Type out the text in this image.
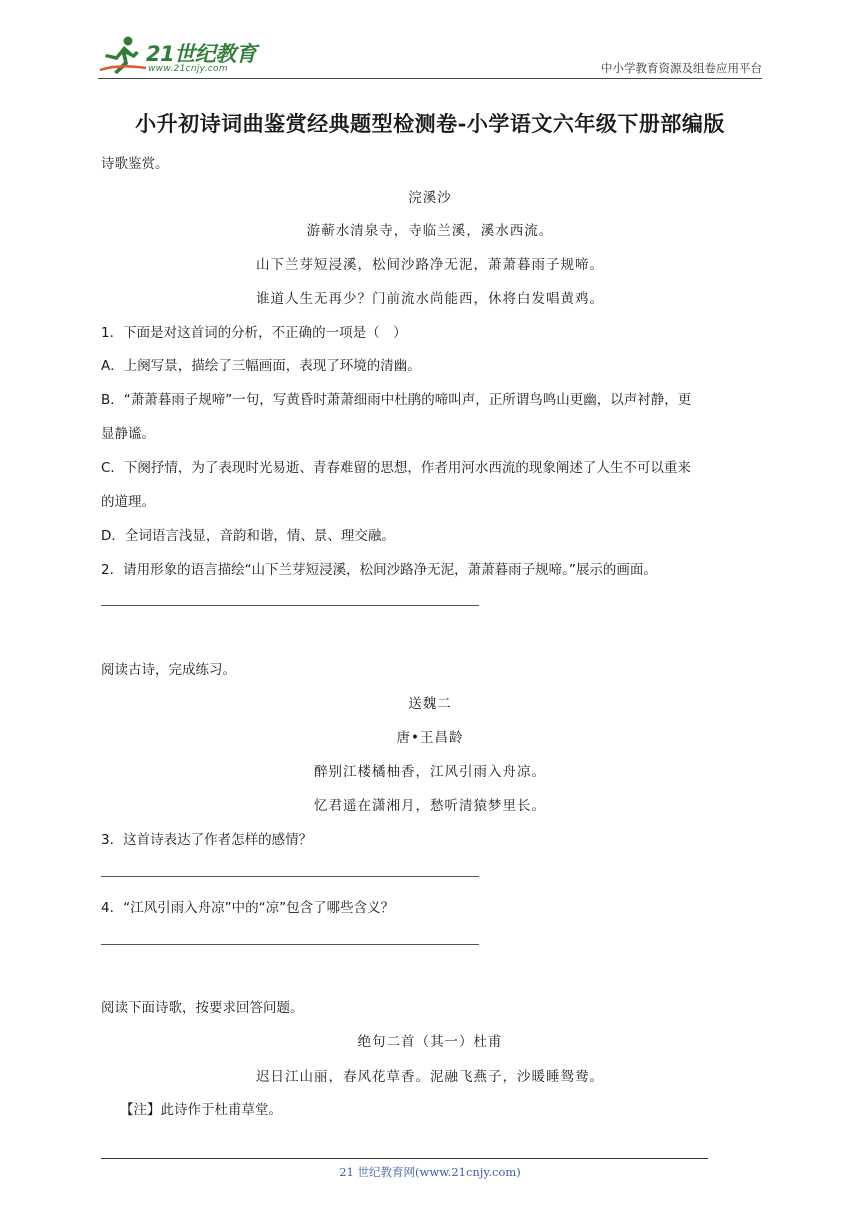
21世纪教育
www.21cnjy.com	中小学教育资源及组卷应用平台
小升初诗词曲鉴赏经典题型检测卷-小学语文六年级下册部编版
诗歌鉴赏。
浣溪沙
游蕲水清泉寺，寺临兰溪，溪水西流。
山下兰芽短浸溪，松间沙路净无泥，萧萧暮雨子规啼。
谁道人生无再少？门前流水尚能西，休将白发唱黄鸡。
1．下面是对这首词的分析，不正确的一项是（　）
A．上阕写景，描绘了三幅画面，表现了环境的清幽。
B．“萧萧暮雨子规啼”一句，写黄昏时萧萧细雨中杜鹃的啼叫声，正所谓鸟鸣山更幽，以声衬静，更
显静谧。
C．下阕抒情，为了表现时光易逝、青春难留的思想，作者用河水西流的现象阐述了人生不可以重来
的道理。
D．全词语言浅显，音韵和谐，情、景、理交融。
2．请用形象的语言描绘“山下兰芽短浸溪，松间沙路净无泥，萧萧暮雨子规啼。”展示的画面。
阅读古诗，完成练习。
送魏二
唐•王昌龄
醉别江楼橘柚香，江风引雨入舟凉。
忆君遥在潇湘月，愁听清猿梦里长。
3．这首诗表达了作者怎样的感情？
4．“江风引雨入舟凉”中的“凉”包含了哪些含义？
阅读下面诗歌，按要求回答问题。
绝句二首（其一）杜甫
迟日江山丽，春风花草香。泥融飞燕子，沙暖睡鸳鸯。
【注】此诗作于杜甫草堂。
21 世纪教育网(www.21cnjy.com)
